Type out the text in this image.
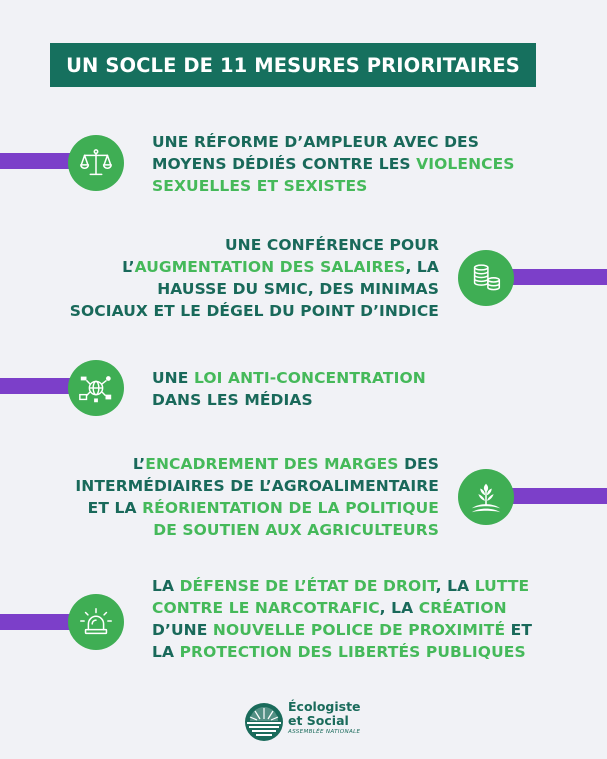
UN SOCLE DE 11 MESURES PRIORITAIRES
UNE RÉFORME D’AMPLEUR AVEC DES
MOYENS DÉDIÉS CONTRE LES VIOLENCES
SEXUELLES ET SEXISTES
UNE CONFÉRENCE POUR
L’AUGMENTATION DES SALAIRES, LA
HAUSSE DU SMIC, DES MINIMAS
SOCIAUX ET LE DÉGEL DU POINT D’INDICE
UNE LOI ANTI-CONCENTRATION
DANS LES MÉDIAS
L’ENCADREMENT DES MARGES DES
INTERMÉDIAIRES DE L’AGROALIMENTAIRE
ET LA RÉORIENTATION DE LA POLITIQUE
DE SOUTIEN AUX AGRICULTEURS
LA DÉFENSE DE L’ÉTAT DE DROIT, LA LUTTE
CONTRE LE NARCOTRAFIC, LA CRÉATION
D’UNE NOUVELLE POLICE DE PROXIMITÉ ET
LA PROTECTION DES LIBERTÉS PUBLIQUES
Écologiste
et Social
ASSEMBLÉE NATIONALE
